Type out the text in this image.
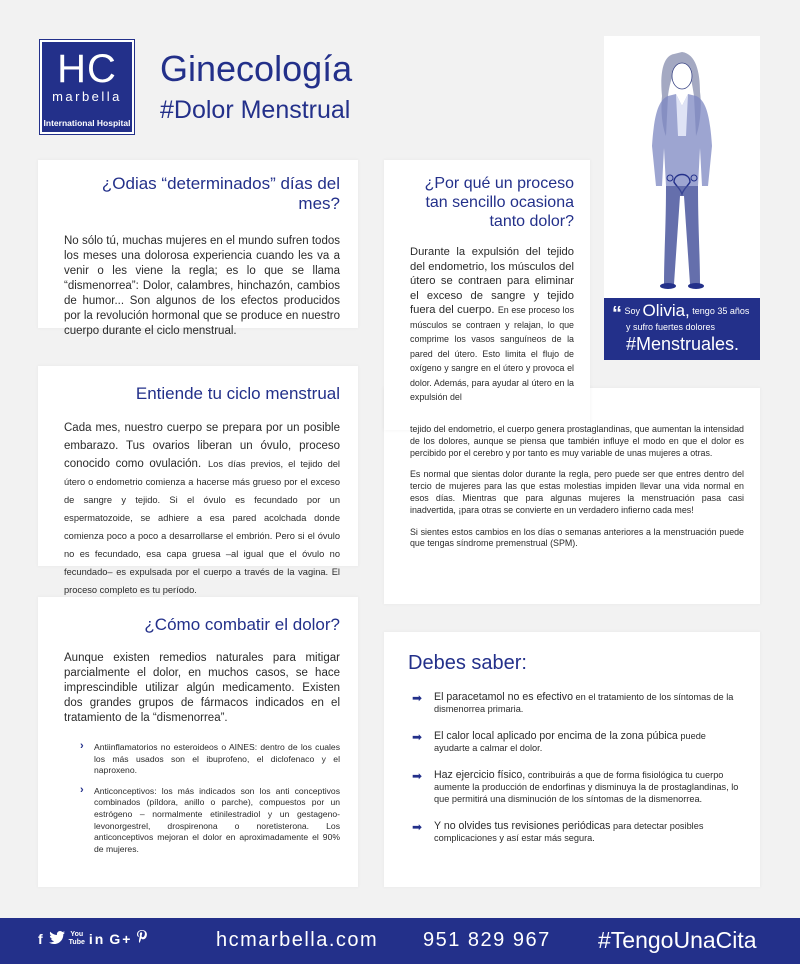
HC
marbella
International Hospital
Ginecología
#Dolor Menstrual
“ Soy Olivia, tengo 35 años
y sufro fuertes dolores
#Menstruales.
¿Odias “determinados” días del mes?

No sólo tú, muchas mujeres en el mundo sufren todos los meses una dolorosa experiencia cuando les va a venir o les viene la regla; es lo que se llama “dismenorrea”: Dolor, calambres, hinchazón, cambios de humor... Son algunos de los efectos producidos por la revolución hormonal que se produce en nuestro cuerpo durante el ciclo menstrual.

Entiende tu ciclo menstrual

Cada mes, nuestro cuerpo se prepara por un posible embarazo. Tus ovarios liberan un óvulo, proceso conocido como ovulación. Los días previos, el tejido del útero o endometrio comienza a hacerse más grueso por el exceso de sangre y tejido. Si el óvulo es fecundado por un espermatozoide, se adhiere a esa pared acolchada donde comienza poco a poco a desarrollarse el embrión. Pero si el óvulo no es fecundado, esa capa gruesa –al igual que el óvulo no fecundado– es expulsada por el cuerpo a través de la vagina. El proceso completo es tu período.

¿Cómo combatir el dolor?

Aunque existen remedios naturales para mitigar parcialmente el dolor, en muchos casos, se hace imprescindible utilizar algún medicamento. Existen dos grandes grupos de fármacos indicados en el tratamiento de la “dismenorrea”.

› Antiinflamatorios no esteroideos o AINES: dentro de los cuales los más usados son el ibuprofeno, el diclofenaco y el naproxeno.
› Anticonceptivos: los más indicados son los anti conceptivos combinados (píldora, anillo o parche), compuestos por un estrógeno – normalmente etinilestradiol y un gestageno- levonorgestrel, drospirenona o noretisterona. Los anticonceptivos mejoran el dolor en aproximadamente el 90% de mujeres.
¿Por qué un proceso tan sencillo ocasiona tanto dolor?

Durante la expulsión del tejido del endometrio, los músculos del útero se contraen para eliminar el exceso de sangre y tejido fuera del cuerpo. En ese proceso los músculos se contraen y relajan, lo que comprime los vasos sanguíneos de la pared del útero. Esto limita el flujo de oxígeno y sangre en el útero y provoca el dolor. Además, para ayudar al útero en la expulsión del

tejido del endometrio, el cuerpo genera prostaglandinas, que aumentan la intensidad de los dolores, aunque se piensa que también influye el modo en que el dolor es percibido por el cerebro y por tanto es muy variable de unas mujeres a otras.

Es normal que sientas dolor durante la regla, pero puede ser que entres dentro del tercio de mujeres para las que estas molestias impiden llevar una vida normal en esos días. Mientras que para algunas mujeres la menstruación pasa casi inadvertida, ¡para otras se convierte en un verdadero infierno cada mes!

Si sientes estos cambios en los días o semanas anteriores a la menstruación puede que tengas síndrome premenstrual (SPM).

Debes saber:
➡ El paracetamol no es efectivo en el tratamiento de los síntomas de la dismenorrea primaria.
➡ El calor local aplicado por encima de la zona púbica puede ayudarte a calmar el dolor.
➡ Haz ejercicio físico, contribuirás a que de forma fisiológica tu cuerpo aumente la producción de endorfinas y disminuya la de prostaglandinas, lo que permitirá una disminución de los síntomas de la dismenorrea.
➡ Y no olvides tus revisiones periódicas para detectar posibles complicaciones y así estar más segura.
f	You
Tube in G+	hcmarbella.com 951 829 967 #TengoUnaCita
